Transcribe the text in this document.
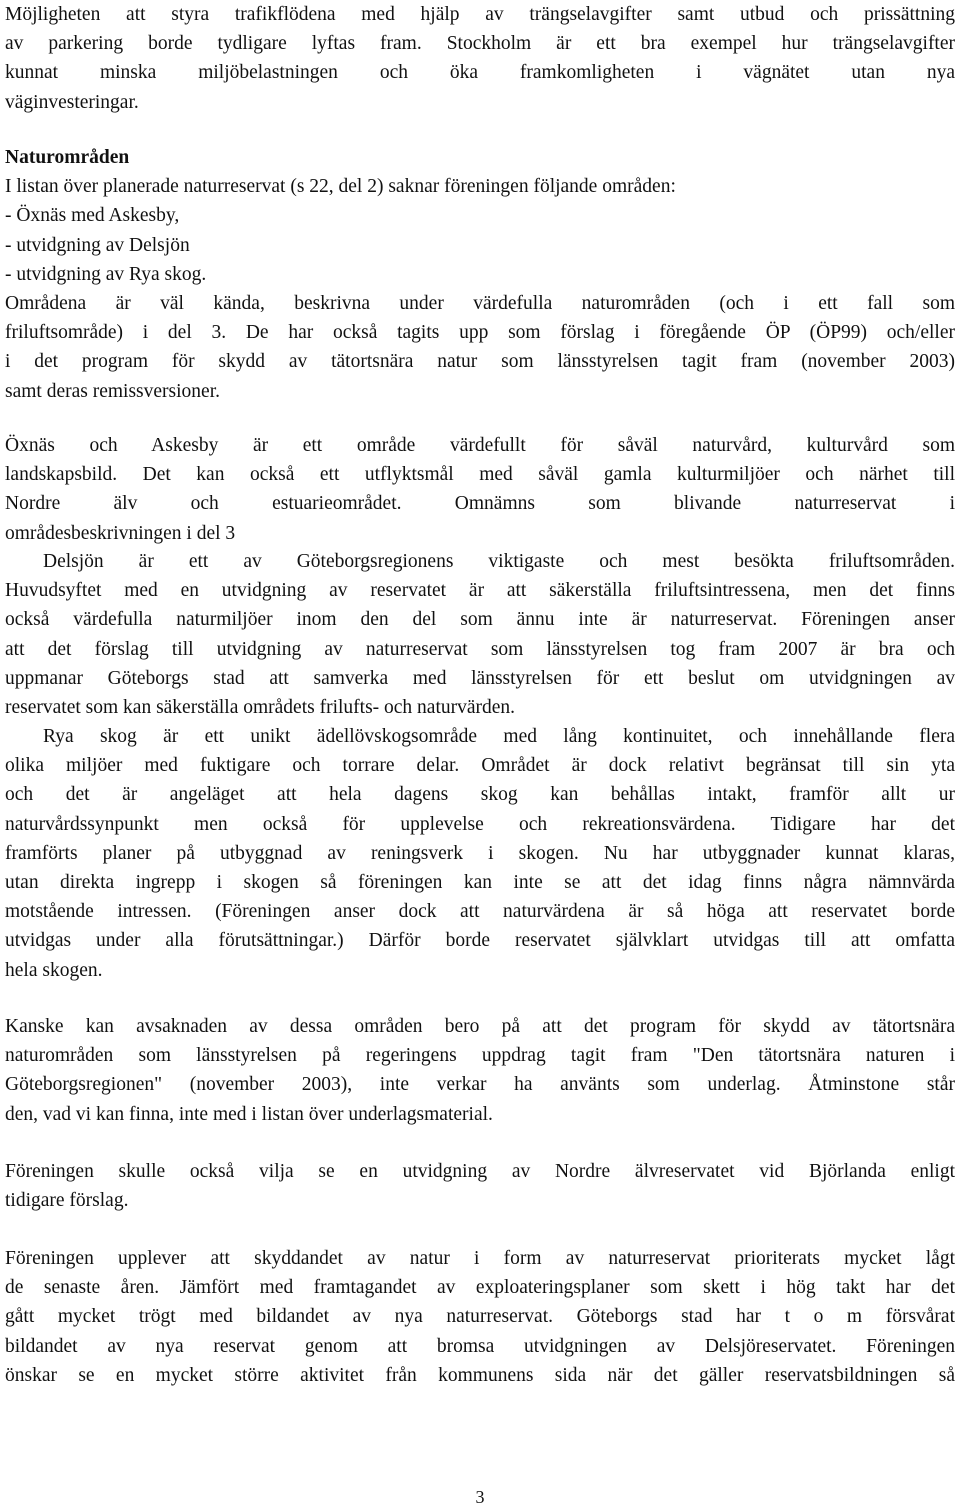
Möjligheten att styra trafikflödena med hjälp av trängselavgifter samt utbud och prissättning
av parkering borde tydligare lyftas fram. Stockholm är ett bra exempel hur trängselavgifter
kunnat minska miljöbelastningen och öka framkomligheten i vägnätet utan nya
väginvesteringar.

Naturområden
I listan över planerade naturreservat (s 22, del 2) saknar föreningen följande områden:
- Öxnäs med Askesby,
- utvidgning av Delsjön
- utvidgning av Rya skog.
Områdena är väl kända, beskrivna under värdefulla naturområden (och i ett fall som
friluftsområde) i del 3. De har också tagits upp som förslag i föregående ÖP (ÖP99) och/eller
i det program för skydd av tätortsnära natur som länsstyrelsen tagit fram (november 2003)
samt deras remissversioner.

Öxnäs och Askesby är ett område värdefullt för såväl naturvård, kulturvård som
landskapsbild. Det kan också ett utflyktsmål med såväl gamla kulturmiljöer och närhet till
Nordre älv och estuarieområdet. Omnämns som blivande naturreservat i
områdesbeskrivningen i del 3

Delsjön är ett av Göteborgsregionens viktigaste och mest besökta friluftsområden.
Huvudsyftet med en utvidgning av reservatet är att säkerställa friluftsintressena, men det finns
också värdefulla naturmiljöer inom den del som ännu inte är naturreservat. Föreningen anser
att det förslag till utvidgning av naturreservat som länsstyrelsen tog fram 2007 är bra och
uppmanar Göteborgs stad att samverka med länsstyrelsen för ett beslut om utvidgningen av
reservatet som kan säkerställa områdets frilufts- och naturvärden.

Rya skog är ett unikt ädellövskogsområde med lång kontinuitet, och innehållande flera
olika miljöer med fuktigare och torrare delar. Området är dock relativt begränsat till sin yta
och det är angeläget att hela dagens skog kan behållas intakt, framför allt ur
naturvårdssynpunkt men också för upplevelse och rekreationsvärdena. Tidigare har det
framförts planer på utbyggnad av reningsverk i skogen. Nu har utbyggnader kunnat klaras,
utan direkta ingrepp i skogen så föreningen kan inte se att det idag finns några nämnvärda
motstående intressen. (Föreningen anser dock att naturvärdena är så höga att reservatet borde
utvidgas under alla förutsättningar.) Därför borde reservatet självklart utvidgas till att omfatta
hela skogen.

Kanske kan avsaknaden av dessa områden bero på att det program för skydd av tätortsnära
naturområden som länsstyrelsen på regeringens uppdrag tagit fram "Den tätortsnära naturen i
Göteborgsregionen" (november 2003), inte verkar ha använts som underlag. Åtminstone står
den, vad vi kan finna, inte med i listan över underlagsmaterial.

Föreningen skulle också vilja se en utvidgning av Nordre älvreservatet vid Björlanda enligt
tidigare förslag.

Föreningen upplever att skyddandet av natur i form av naturreservat prioriterats mycket lågt
de senaste åren. Jämfört med framtagandet av exploateringsplaner som skett i hög takt har det
gått mycket trögt med bildandet av nya naturreservat. Göteborgs stad har t o m försvårat
bildandet av nya reservat genom att bromsa utvidgningen av Delsjöreservatet. Föreningen
önskar se en mycket större aktivitet från kommunens sida när det gäller reservatsbildningen så

3
